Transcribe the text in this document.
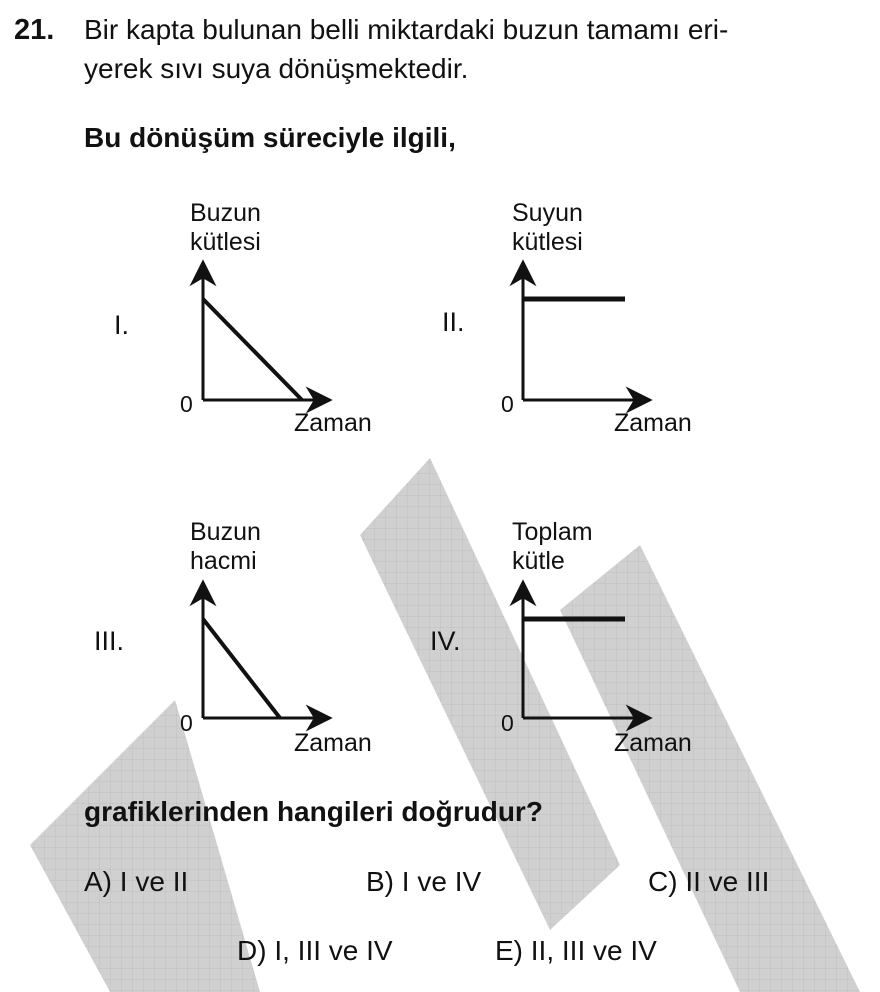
21. Bir kapta bulunan belli miktardaki buzun tamamı eri-
yerek sıvı suya dönüşmektedir.
Bu dönüşüm süreciyle ilgili,
I.
Buzun
kütlesi
0
Zaman
II.
Suyun
kütlesi
0
Zaman
III.
Buzun
hacmi
0
Zaman
IV.
Toplam
kütle
0
Zaman
grafiklerinden hangileri doğrudur?
A) I ve II	B) I ve IV	C) II ve III
D) I, III ve IV	E) II, III ve IV
